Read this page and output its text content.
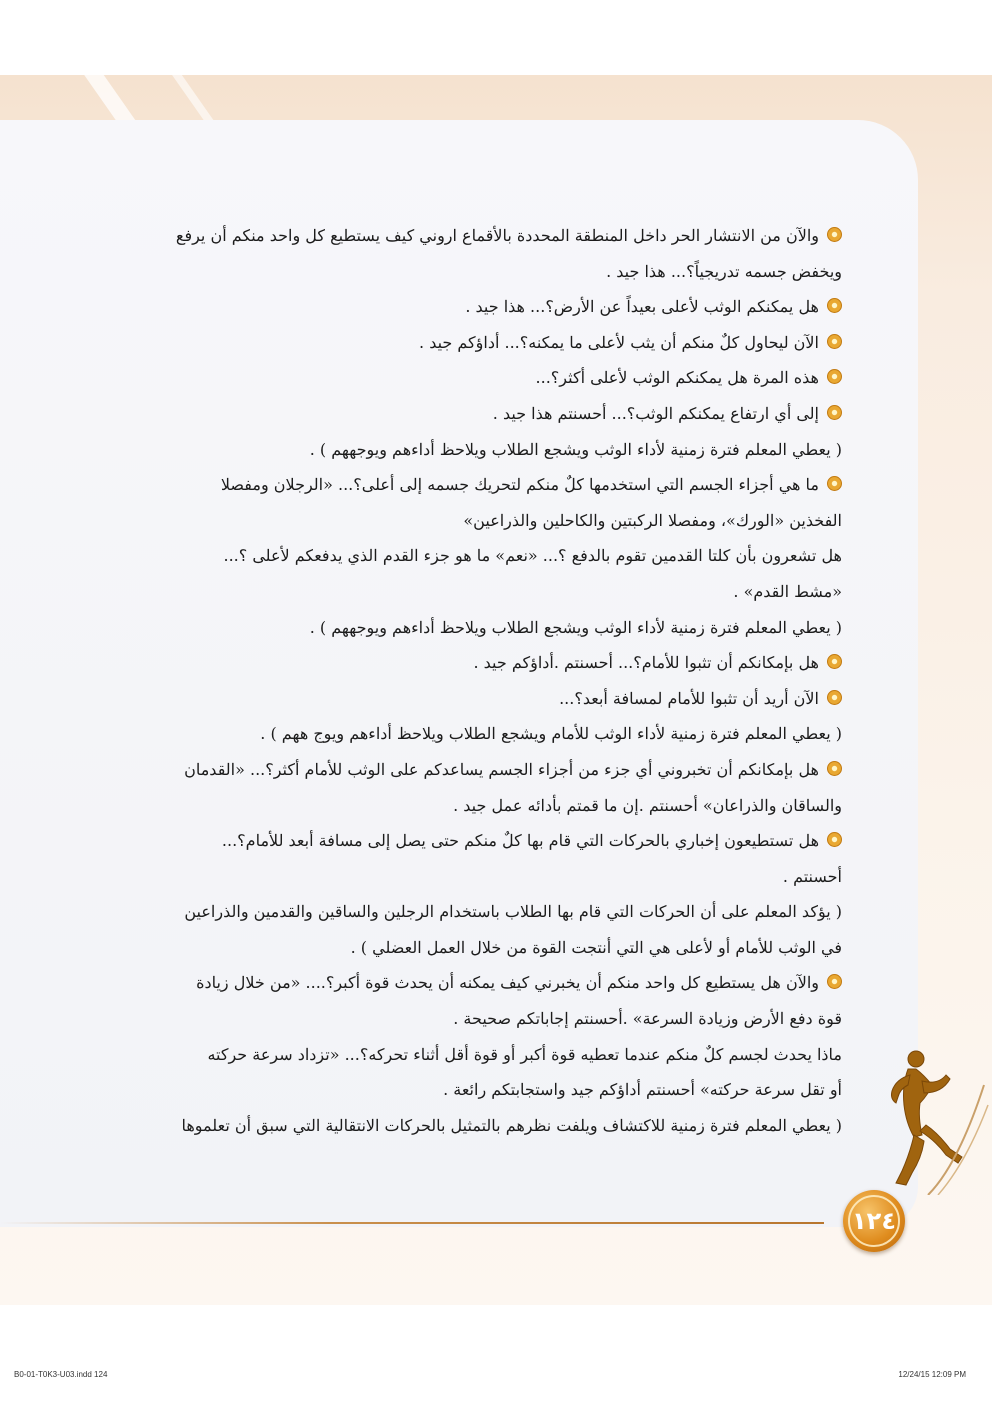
والآن من الانتشار الحر داخل المنطقة المحددة بالأقماع اروني كيف يستطيع كل واحد منكم أن يرفع
ويخفض جسمه تدريجياً؟... هذا جيد .
هل يمكنكم الوثب لأعلى بعيداً عن الأرض؟... هذا جيد .
الآن ليحاول كلٌ منكم أن يثب لأعلى ما يمكنه؟... أداؤكم جيد .
هذه المرة هل يمكنكم الوثب لأعلى أكثر؟...
إلى أي ارتفاع يمكنكم الوثب؟... أحسنتم هذا جيد .
( يعطي المعلم فترة زمنية لأداء الوثب ويشجع الطلاب ويلاحظ أداءهم ويوجههم ) .
ما هي أجزاء الجسم التي استخدمها كلٌ منكم لتحريك جسمه إلى أعلى؟... «الرجلان ومفصلا
الفخذين «الورك»، ومفصلا الركبتين والكاحلين والذراعين»
هل تشعرون بأن كلتا القدمين تقوم بالدفع ؟... «نعم» ما هو جزء القدم الذي يدفعكم لأعلى ؟...
«مشط القدم» .
( يعطي المعلم فترة زمنية لأداء الوثب ويشجع الطلاب ويلاحظ أداءهم ويوجههم ) .
هل بإمكانكم أن تثبوا للأمام؟... أحسنتم .أداؤكم جيد .
الآن أريد أن تثبوا للأمام لمسافة أبعد؟...
( يعطي المعلم فترة زمنية لأداء الوثب للأمام ويشجع الطلاب ويلاحظ أداءهم ويوج ههم ) .
هل بإمكانكم أن تخبروني أي جزء من أجزاء الجسم يساعدكم على الوثب للأمام أكثر؟... «القدمان
والساقان والذراعان» أحسنتم .إن ما قمتم بأدائه عمل جيد .
هل تستطيعون إخباري بالحركات التي قام بها كلٌ منكم حتى يصل إلى مسافة أبعد للأمام؟...
أحسنتم .
( يؤكد المعلم على أن الحركات التي قام بها الطلاب باستخدام الرجلين والساقين والقدمين والذراعين
في الوثب للأمام أو لأعلى هي التي أنتجت القوة من خلال العمل العضلي ) .
والآن هل يستطيع كل واحد منكم أن يخبرني كيف يمكنه أن يحدث قوة أكبر؟.... «من خلال زيادة
قوة دفع الأرض وزيادة السرعة» .أحسنتم إجاباتكم صحيحة .
ماذا يحدث لجسم كلٌ منكم عندما تعطيه قوة أكبر أو قوة أقل أثناء تحركه؟... «تزداد سرعة حركته
أو تقل سرعة حركته» أحسنتم أداؤكم جيد واستجابتكم رائعة .
( يعطي المعلم فترة زمنية للاكتشاف ويلفت نظرهم بالتمثيل بالحركات الانتقالية التي سبق أن تعلموها
١٢٤
B0-01-T0K3-U03.indd 124	12/24/15 12:09 PM
